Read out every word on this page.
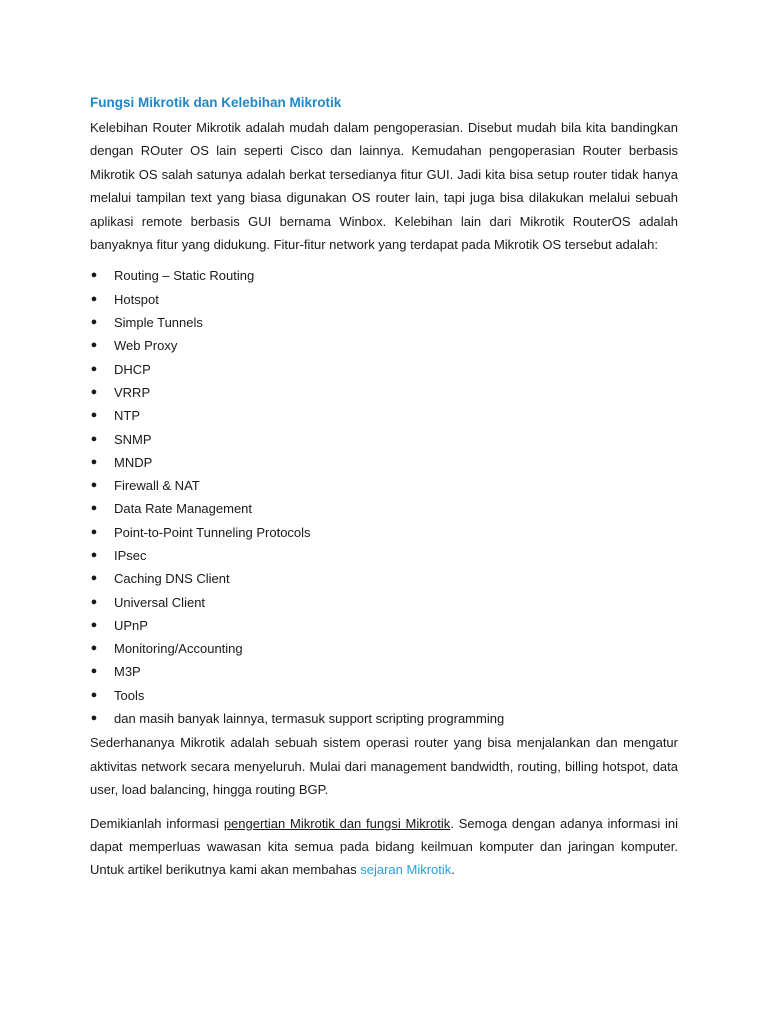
Fungsi Mikrotik dan Kelebihan Mikrotik

Kelebihan Router Mikrotik adalah mudah dalam pengoperasian. Disebut mudah bila kita bandingkan dengan ROuter OS lain seperti Cisco dan lainnya. Kemudahan pengoperasian Router berbasis Mikrotik OS salah satunya adalah berkat tersedianya fitur GUI. Jadi kita bisa setup router tidak hanya melalui tampilan text yang biasa digunakan OS router lain, tapi juga bisa dilakukan melalui sebuah aplikasi remote berbasis GUI bernama Winbox. Kelebihan lain dari Mikrotik RouterOS adalah banyaknya fitur yang didukung. Fitur-fitur network yang terdapat pada Mikrotik OS tersebut adalah:

● Routing – Static Routing
● Hotspot
● Simple Tunnels
● Web Proxy
● DHCP
● VRRP
● NTP
● SNMP
● MNDP
● Firewall & NAT
● Data Rate Management
● Point-to-Point Tunneling Protocols
● IPsec
● Caching DNS Client
● Universal Client
● UPnP
● Monitoring/Accounting
● M3P
● Tools
● dan masih banyak lainnya, termasuk support scripting programming

Sederhananya Mikrotik adalah sebuah sistem operasi router yang bisa menjalankan dan mengatur aktivitas network secara menyeluruh. Mulai dari management bandwidth, routing, billing hotspot, data user, load balancing, hingga routing BGP.

Demikianlah informasi pengertian Mikrotik dan fungsi Mikrotik. Semoga dengan adanya informasi ini dapat memperluas wawasan kita semua pada bidang keilmuan komputer dan jaringan komputer. Untuk artikel berikutnya kami akan membahas sejaran Mikrotik.
